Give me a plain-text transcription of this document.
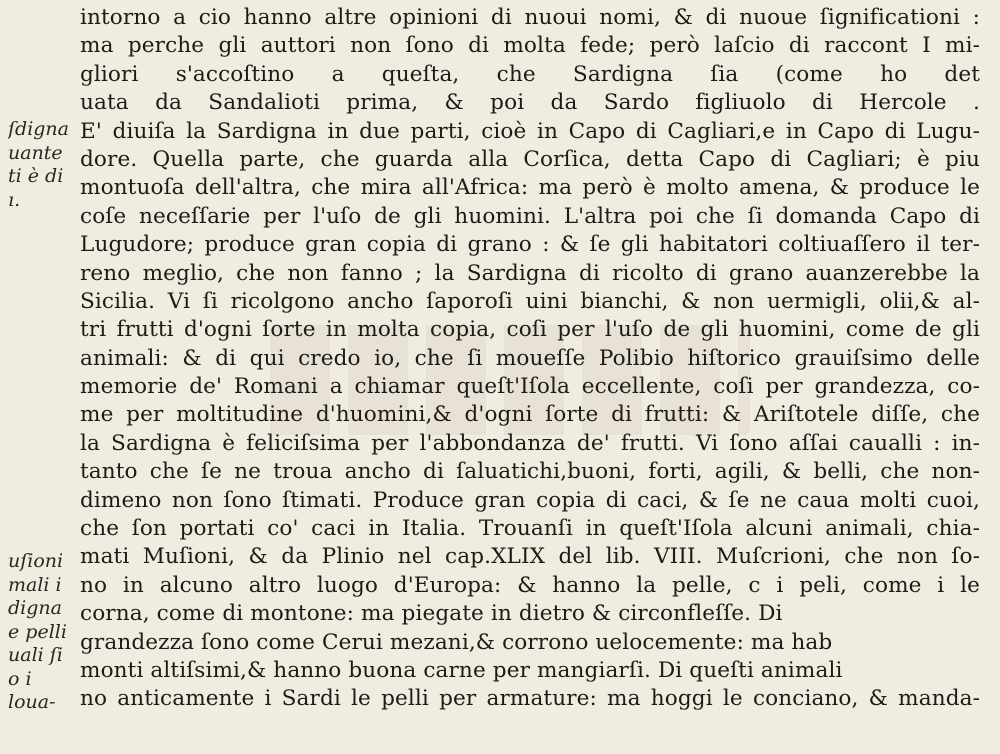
ſdigna
uante
ti è di
ı.
uſioni
mali i
digna
e pelli
uali ſi
o i
loua-
intorno a cio hanno altre opinioni di nuoui nomi, & di nuoue ſignificationi :
ma perche gli auttori non ſono di molta fede; però laſcio di raccont I mi-
gliori s'accoſtino a queſta, che Sardigna ſia (come ho det
uata da Sandalioti prima, & poi da Sardo figliuolo di Hercole .
E' diuiſa la Sardigna in due parti, cioè in Capo di Cagliari,e in Capo di Lugu-
dore. Quella parte, che guarda alla Corſica, detta Capo di Cagliari; è piu
montuoſa dell'altra, che mira all'Africa: ma però è molto amena, & produce le
coſe neceſſarie per l'uſo de gli huomini. L'altra poi che ſi domanda Capo di
Lugudore; produce gran copia di grano : & ſe gli habitatori coltiuaſſero il ter-
reno meglio, che non fanno ; la Sardigna di ricolto di grano auanzerebbe la
Sicilia. Vi ſi ricolgono ancho ſaporoſi uini bianchi, & non uermigli, olii,& al-
tri frutti d'ogni ſorte in molta copia, coſi per l'uſo de gli huomini, come de gli
animali: & di qui credo io, che ſi moueſſe Polibio hiſtorico grauiſsimo delle
memorie de' Romani a chiamar queſt'Iſola eccellente, coſi per grandezza, co-
me per moltitudine d'huomini,& d'ogni ſorte di frutti: & Ariſtotele diſſe, che
la Sardigna è feliciſsima per l'abbondanza de' frutti. Vi ſono aſſai caualli : in-
tanto che ſe ne troua ancho di ſaluatichi,buoni, forti, agili, & belli, che non-
dimeno non ſono ſtimati. Produce gran copia di caci, & ſe ne caua molti cuoi,
che ſon portati co' caci in Italia. Trouanſi in queſt'Iſola alcuni animali, chia-
mati Muſioni, & da Plinio nel cap.XLIX del lib. VIII. Muſcrioni, che non ſo-
no in alcuno altro luogo d'Europa: & hanno la pelle, c i peli, come i le
corna, come di montone: ma piegate in dietro & circonfleſſe. Di
grandezza ſono come Cerui mezani,& corrono uelocemente: ma hab
monti altiſsimi,& hanno buona carne per mangiarſi. Di queſti animali
no anticamente i Sardi le pelli per armature: ma hoggi le conciano, & manda-
